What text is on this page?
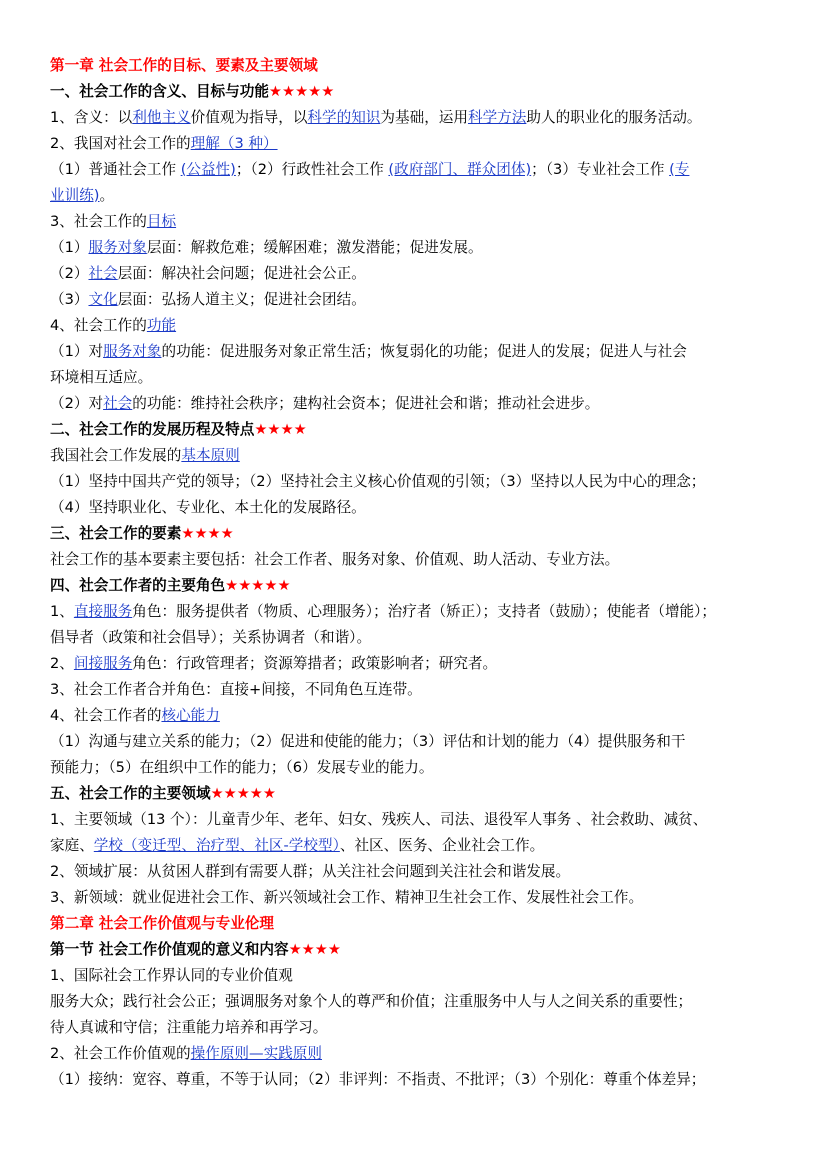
第一章 社会工作的目标、要素及主要领域
一、社会工作的含义、目标与功能★★★★★
1、含义：以利他主义价值观为指导，以科学的知识为基础，运用科学方法助人的职业化的服务活动。
2、我国对社会工作的理解（3 种）
（1）普通社会工作 (公益性)；（2）行政性社会工作 (政府部门、群众团体)；（3）专业社会工作 (专
业训练)。
3、社会工作的目标
（1）服务对象层面：解救危难；缓解困难；激发潜能；促进发展。
（2）社会层面：解决社会问题；促进社会公正。
（3）文化层面：弘扬人道主义；促进社会团结。
4、社会工作的功能
（1）对服务对象的功能：促进服务对象正常生活；恢复弱化的功能；促进人的发展；促进人与社会
环境相互适应。
（2）对社会的功能：维持社会秩序；建构社会资本；促进社会和谐；推动社会进步。
二、社会工作的发展历程及特点★★★★
我国社会工作发展的基本原则
（1）坚持中国共产党的领导；（2）坚持社会主义核心价值观的引领；（3）坚持以人民为中心的理念；
（4）坚持职业化、专业化、本土化的发展路径。
三、社会工作的要素★★★★
社会工作的基本要素主要包括：社会工作者、服务对象、价值观、助人活动、专业方法。
四、社会工作者的主要角色★★★★★
1、直接服务角色：服务提供者（物质、心理服务）；治疗者（矫正）；支持者（鼓励）；使能者（增能）；
倡导者（政策和社会倡导）；关系协调者（和谐）。
2、间接服务角色：行政管理者；资源筹措者；政策影响者；研究者。
3、社会工作者合并角色：直接+间接，不同角色互连带。
4、社会工作者的核心能力
（1）沟通与建立关系的能力；（2）促进和使能的能力；（3）评估和计划的能力（4）提供服务和干
预能力；（5）在组织中工作的能力；（6）发展专业的能力。
五、社会工作的主要领域★★★★★
1、主要领域（13 个）：儿童青少年、老年、妇女、残疾人、司法、退役军人事务 、社会救助、减贫、
家庭、学校（变迁型、治疗型、社区-学校型）、社区、医务、企业社会工作。
2、领域扩展：从贫困人群到有需要人群；从关注社会问题到关注社会和谐发展。
3、新领域：就业促进社会工作、新兴领域社会工作、精神卫生社会工作、发展性社会工作。
第二章 社会工作价值观与专业伦理
第一节 社会工作价值观的意义和内容★★★★
1、国际社会工作界认同的专业价值观
服务大众；践行社会公正；强调服务对象个人的尊严和价值；注重服务中人与人之间关系的重要性；
待人真诚和守信；注重能力培养和再学习。
2、社会工作价值观的操作原则—实践原则
（1）接纳：宽容、尊重，不等于认同；（2）非评判：不指责、不批评；（3）个别化：尊重个体差异；
